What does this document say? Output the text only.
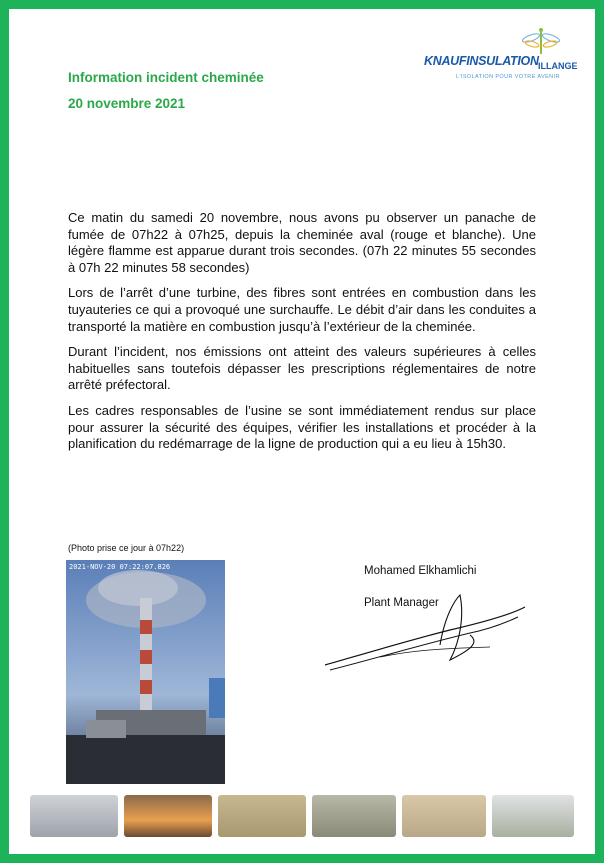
Information incident cheminée
20 novembre 2021
KNAUFINSULATION ILLANGE
L'ISOLATION POUR VOTRE AVENIR

Ce matin du samedi 20 novembre, nous avons pu observer un panache de fumée de 07h22 à 07h25, depuis la cheminée aval (rouge et blanche). Une légère flamme est apparue durant trois secondes. (07h 22 minutes 55 secondes à 07h 22 minutes 58 secondes)

Lors de l’arrêt d’une turbine, des fibres sont entrées en combustion dans les tuyauteries ce qui a provoqué une surchauffe. Le débit d’air dans les conduites a transporté la matière en combustion jusqu’à l’extérieur de la cheminée.

Durant l’incident, nos émissions ont atteint des valeurs supérieures à celles habituelles sans toutefois dépasser les prescriptions réglementaires de notre arrêté préfectoral.

Les cadres responsables de l’usine se sont immédiatement rendus sur place pour assurer la sécurité des équipes, vérifier les installations et procéder à la planification du redémarrage de la ligne de production qui a eu lieu à 15h30.

(Photo prise ce jour à 07h22)
2021-NOV-20 07:22:07.826	Mohamed Elkhamlichi
Plant Manager
